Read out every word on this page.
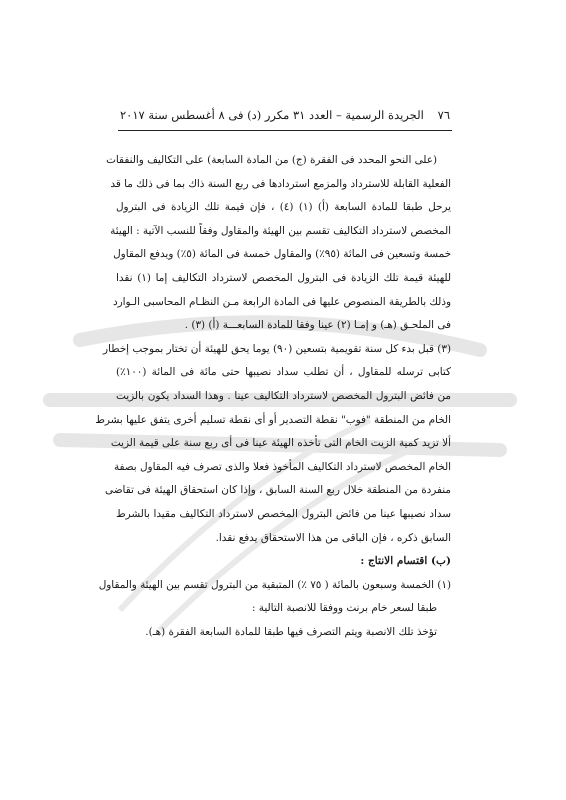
٧٦
الجريدة الرسمية – العدد ٣١ مكرر (د) فى ٨ أغسطس سنة ٢٠١٧

(على النحو المحدد فى الفقرة (ج) من المادة السابعة) على التكاليف والنفقات
الفعلية القابلة للاسترداد والمزمع استردادها فى ربع السنة ذاك بما فى ذلك ما قد
يرحل طبقا للمادة السابعة (أ) (١) (٤) ، فإن قيمة تلك الزيادة فى البترول
المخصص لاسترداد التكاليف تقسم بين الهيئة والمقاول وفقاً للنسب الآتية : الهيئة
خمسة وتسعين فى المائة (٩٥٪) والمقاول خمسة فى المائة (٥٪) ويدفع المقاول
للهيئة قيمة تلك الزيادة فى البترول المخصص لاسترداد التكاليف إما (١) نقدا
وذلك بالطريقة المنصوص عليها فى المادة الرابعة مـن النظـام المحاسبى الـوارد
فى الملحـق (هـ) و إمـا (٢) عينا وفقا للمادة السابعـــة (أ) (٣) .

(٣) قبل بدء كل سنة تقويمية بتسعين (٩٠) يوما يحق للهيئة أن تختار بموجب إخطار
كتابى ترسله للمقاول ، أن تطلب سداد نصيبها حتى مائة فى المائة (١٠٠٪)
من فائض البترول المخصص لاسترداد التكاليف عينا . وهذا السداد يكون بالزيت
الخام من المنطقة "فوب" نقطة التصدير أو أى نقطة تسليم أخرى يتفق عليها بشرط
ألا تزيد كمية الزيت الخام التى تأخذه الهيئة عينا فى أى ربع سنة على قيمة الزيت
الخام المخصص لاسترداد التكاليف المأخوذ فعلا والذى تصرف فيه المقاول بصفة
منفردة من المنطقة خلال ربع السنة السابق ، وإذا كان استحقاق الهيئة فى تقاضى
سداد نصيبها عينا من فائض البترول المخصص لاسترداد التكاليف مقيدا بالشرط
السابق ذكره ، فإن الباقى من هذا الاستحقاق يدفع نقدا.

(ب) اقتسام الانتاج :

(١) الخمسة وسبعون بالمائة ( ٧٥ ٪) المتبقية من البترول تقسم بين الهيئة والمقاول
طبقا لسعر خام برنت ووفقا للانصبة التالية :

تؤخذ تلك الانصبة ويتم التصرف فيها طبقا للمادة السابعة الفقرة (هـ).
